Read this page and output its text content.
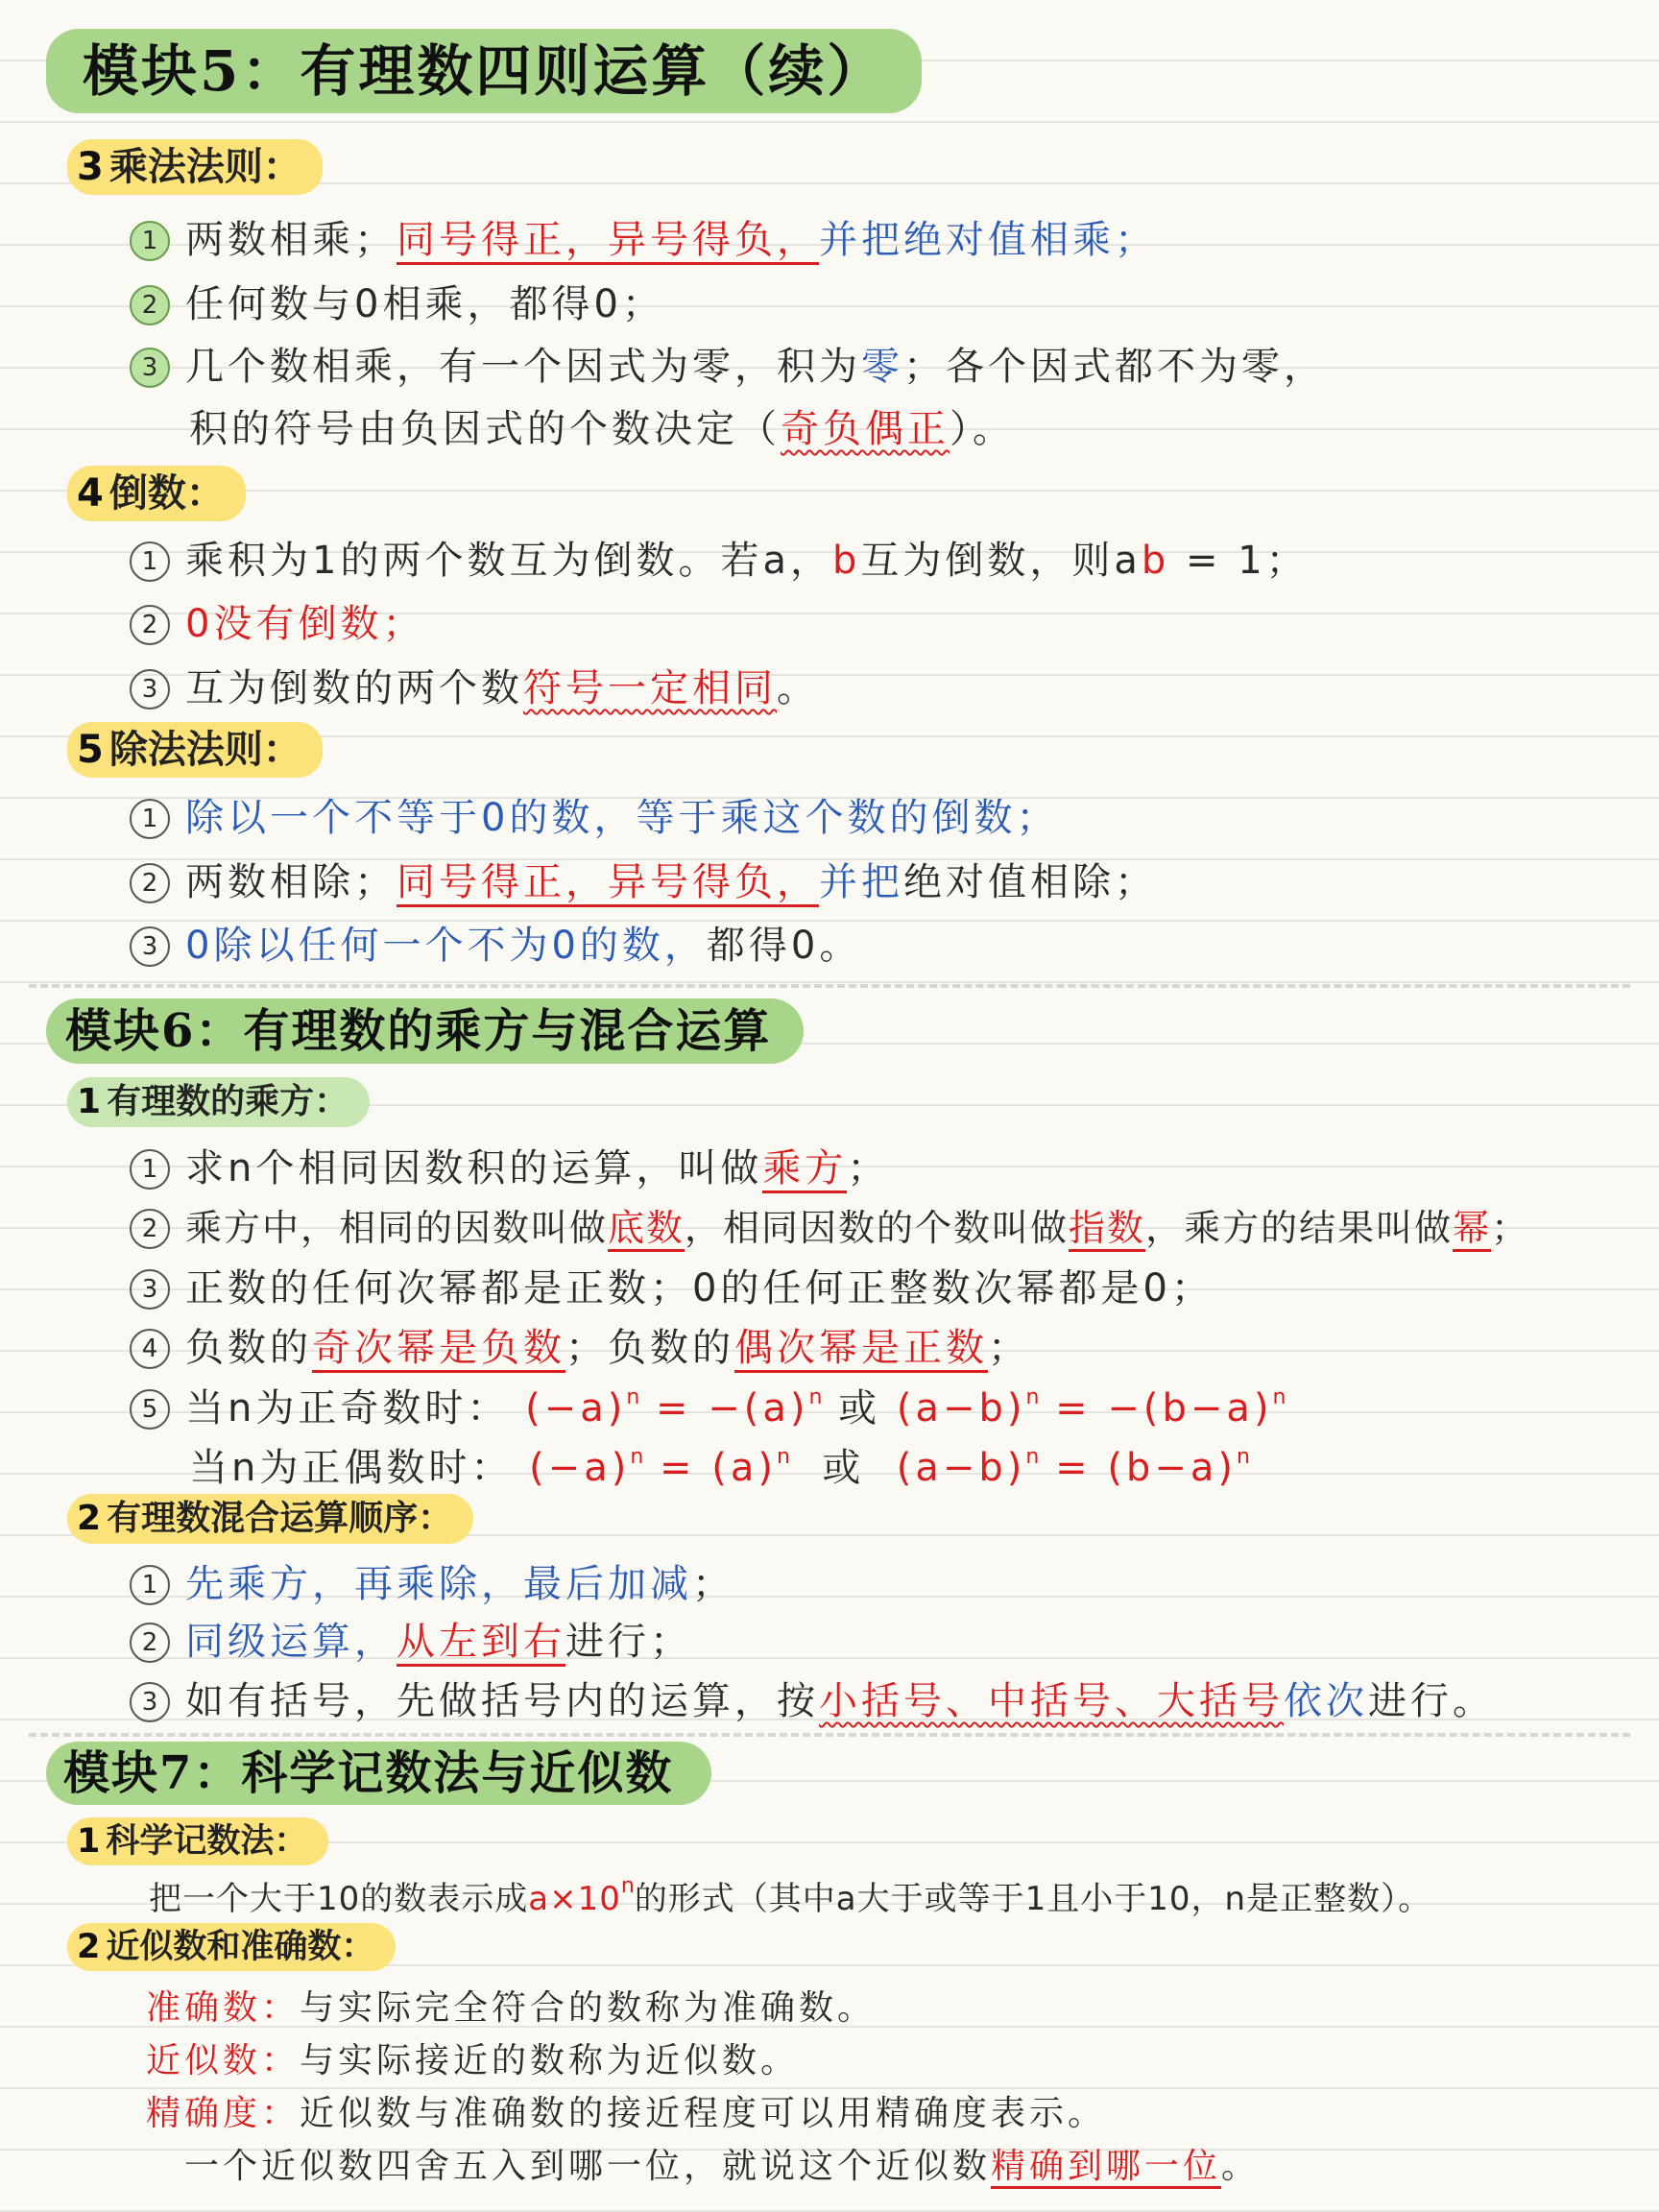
模块5：有理数四则运算（续）
3 乘法法则：
1 两数相乘；同号得正，异号得负，并把绝对值相乘；
2 任何数与0相乘，都得0；
3 几个数相乘，有一个因式为零，积为零；各个因式都不为零，
积的符号由负因式的个数决定（奇负偶正）。
4 倒数：
1 乘积为1的两个数互为倒数。若a，b互为倒数，则ab = 1；
2 0没有倒数；
3 互为倒数的两个数符号一定相同。
5 除法法则：
1 除以一个不等于0的数，等于乘这个数的倒数；
2 两数相除；同号得正，异号得负，并把绝对值相除；
3 0除以任何一个不为0的数，都得0。
模块6：有理数的乘方与混合运算
1 有理数的乘方：
1 求n个相同因数积的运算，叫做乘方；
2 乘方中，相同的因数叫做底数，相同因数的个数叫做指数，乘方的结果叫做幂；
3 正数的任何次幂都是正数；0的任何正整数次幂都是0；
4 负数的奇次幂是负数；负数的偶次幂是正数；
5 当n为正奇数时： $(-a)^n = -(a)^n$ 或 $(a-b)^n = -(b-a)^n$
当n为正偶数时： $(-a)^n = (a)^n$ 或 $(a-b)^n = (b-a)^n$
2 有理数混合运算顺序：
1 先乘方，再乘除，最后加减；
2 同级运算，从左到右进行；
3 如有括号，先做括号内的运算，按小括号、中括号、大括号依次进行。
模块7：科学记数法与近似数
1 科学记数法：
把一个大于10的数表示成$a\times 10^n$的形式（其中a大于或等于1且小于10，n是正整数）。
2 近似数和准确数：
准确数：与实际完全符合的数称为准确数。
近似数：与实际接近的数称为近似数。
精确度：近似数与准确数的接近程度可以用精确度表示。
一个近似数四舍五入到哪一位，就说这个近似数精确到哪一位。
